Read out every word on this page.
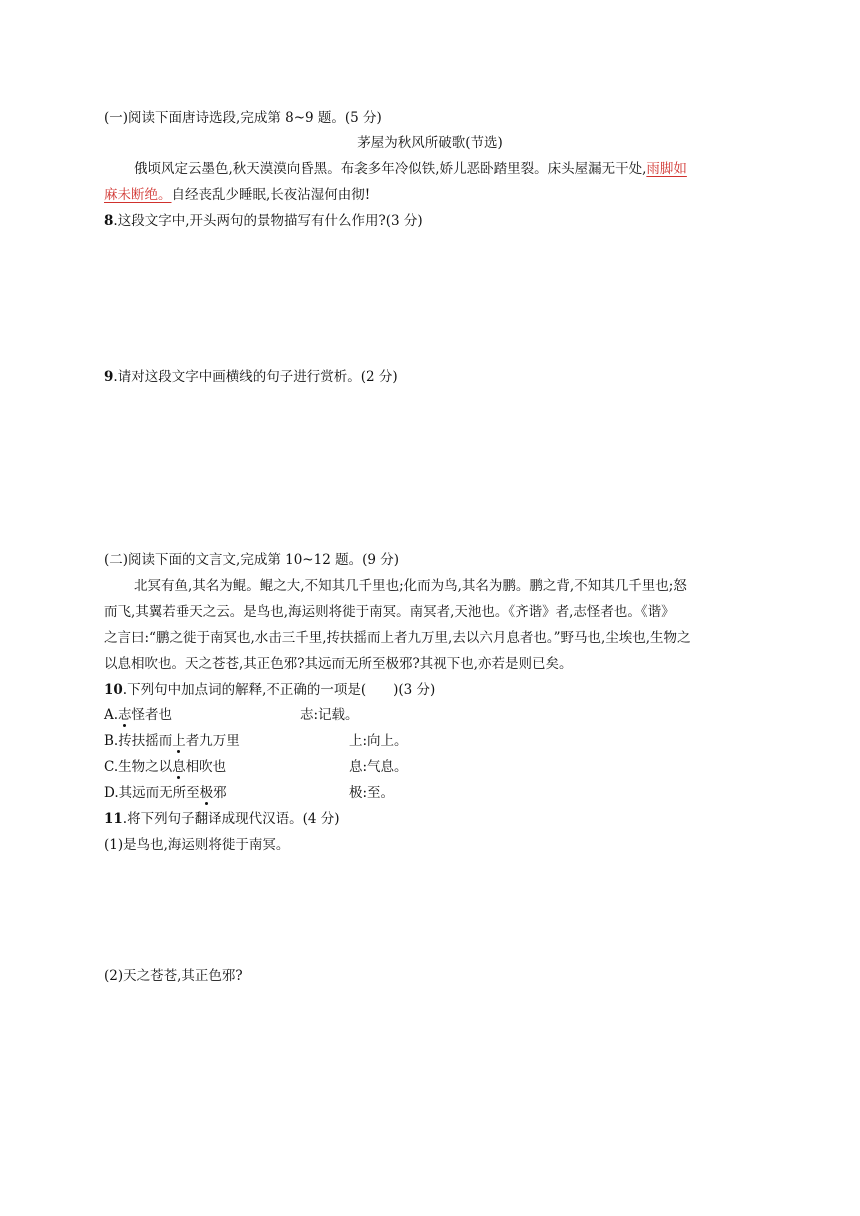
(一)阅读下面唐诗选段,完成第 8~9 题。(5 分)
茅屋为秋风所破歌(节选)
俄顷风定云墨色,秋天漠漠向昏黑。布衾多年冷似铁,娇儿恶卧踏里裂。床头屋漏无干处,雨脚如
麻未断绝。自经丧乱少睡眠,长夜沾湿何由彻!
8.这段文字中,开头两句的景物描写有什么作用?(3 分)
9.请对这段文字中画横线的句子进行赏析。(2 分)
(二)阅读下面的文言文,完成第 10~12 题。(9 分)
北冥有鱼,其名为鲲。鲲之大,不知其几千里也;化而为鸟,其名为鹏。鹏之背,不知其几千里也;怒
而飞,其翼若垂天之云。是鸟也,海运则将徙于南冥。南冥者,天池也。《齐谐》者,志怪者也。《谐》
之言曰:“鹏之徙于南冥也,水击三千里,抟扶摇而上者九万里,去以六月息者也。”野马也,尘埃也,生物之
以息相吹也。天之苍苍,其正色邪?其远而无所至极邪?其视下也,亦若是则已矣。
10.下列句中加点词的解释,不正确的一项是(　　)(3 分)
A.志怪者也	志:记载。
B.抟扶摇而上者九万里	上:向上。
C.生物之以息相吹也	息:气息。
D.其远而无所至极邪	极:至。
11.将下列句子翻译成现代汉语。(4 分)
(1)是鸟也,海运则将徙于南冥。
(2)天之苍苍,其正色邪?
